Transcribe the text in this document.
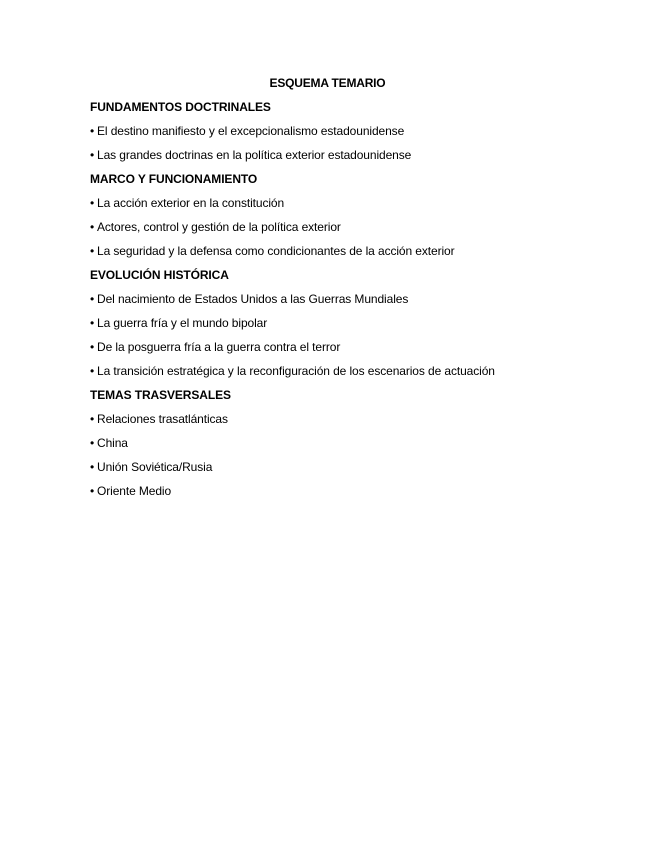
ESQUEMA TEMARIO
FUNDAMENTOS DOCTRINALES
• El destino manifiesto y el excepcionalismo estadounidense
• Las grandes doctrinas en la política exterior estadounidense
MARCO Y FUNCIONAMIENTO
• La acción exterior en la constitución
• Actores, control y gestión de la política exterior
• La seguridad y la defensa como condicionantes de la acción exterior
EVOLUCIÓN HISTÓRICA
• Del nacimiento de Estados Unidos a las Guerras Mundiales
• La guerra fría y el mundo bipolar
• De la posguerra fría a la guerra contra el terror
• La transición estratégica y la reconfiguración de los escenarios de actuación
TEMAS TRASVERSALES
• Relaciones trasatlánticas
• China
• Unión Soviética/Rusia
• Oriente Medio
